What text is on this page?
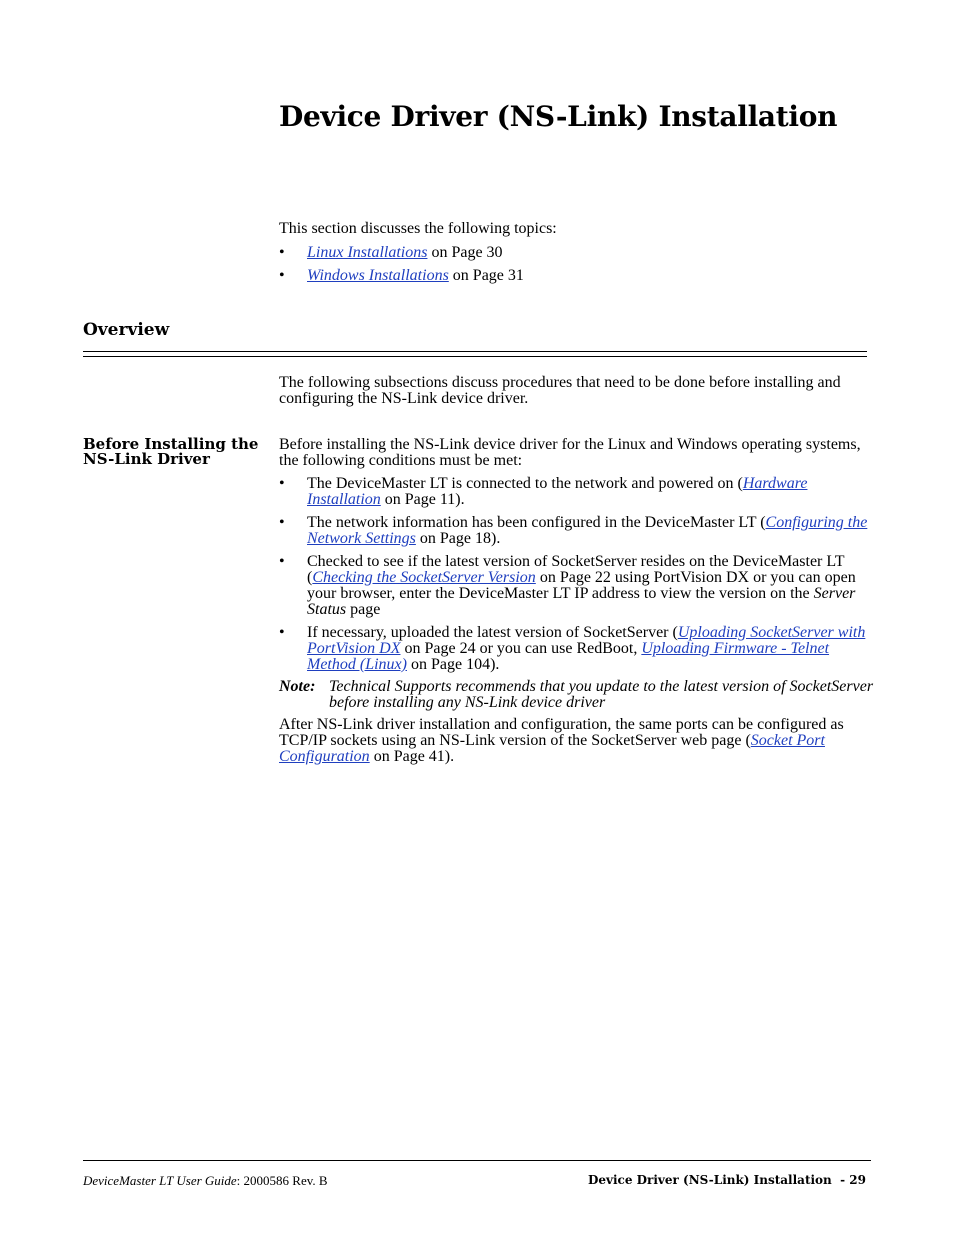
Device Driver (NS-Link) Installation

This section discusses the following topics:

• Linux Installations on Page 30
• Windows Installations on Page 31
Overview

The following subsections discuss procedures that need to be done before installing and configuring the NS-Link device driver.

Before Installing the
NS-Link Driver

Before installing the NS-Link device driver for the Linux and Windows operating systems, the following conditions must be met:

• The DeviceMaster LT is connected to the network and powered on (Hardware Installation on Page 11).
• The network information has been configured in the DeviceMaster LT (Configuring the Network Settings on Page 18).
• Checked to see if the latest version of SocketServer resides on the DeviceMaster LT (Checking the SocketServer Version on Page 22 using PortVision DX or you can open your browser, enter the DeviceMaster LT IP address to view the version on the Server Status page
• If necessary, uploaded the latest version of SocketServer (Uploading SocketServer with PortVision DX on Page 24 or you can use RedBoot, Uploading Firmware - Telnet Method (Linux) on Page 104).
Note: Technical Supports recommends that you update to the latest version of SocketServer before installing any NS-Link device driver

After NS-Link driver installation and configuration, the same ports can be configured as TCP/IP sockets using an NS-Link version of the SocketServer web page (Socket Port Configuration on Page 41).

DeviceMaster LT User Guide: 2000586 Rev. B	Device Driver (NS-Link) Installation  - 29
